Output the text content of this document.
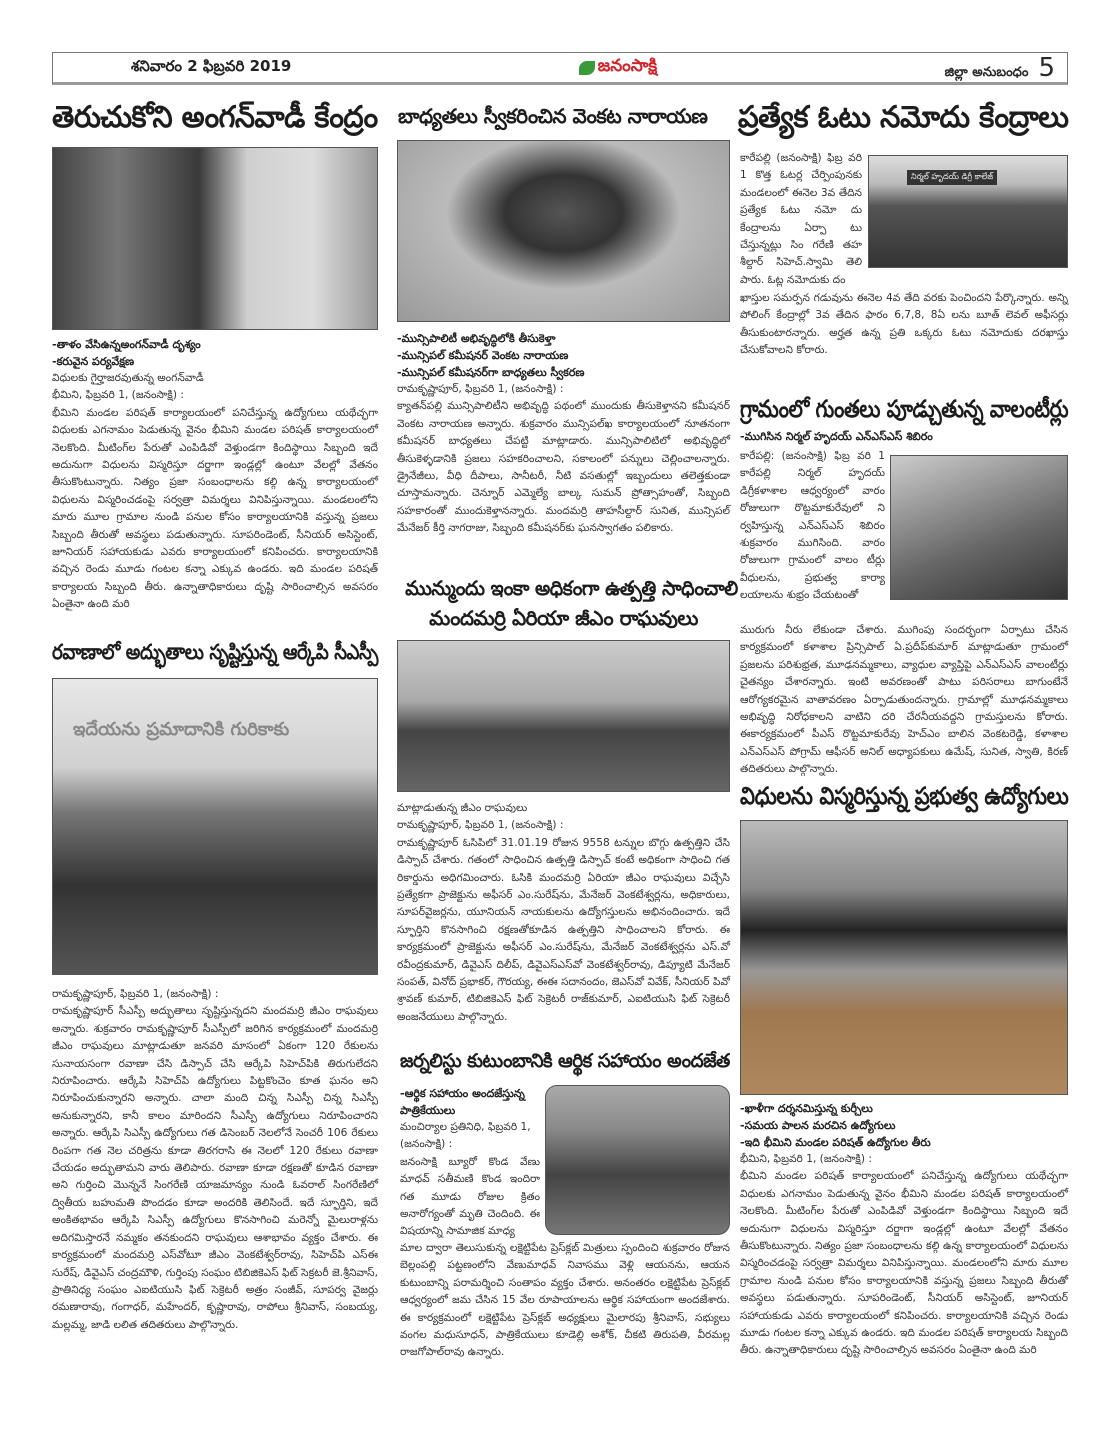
శనివారం 2 ఫిబ్రవరి 2019	జనంసాక్షి	జిల్లా అనుబంధం 5
తెరుచుకోని అంగన్‌వాడీ కేంద్రం
-తాళం వేసిఉన్నఅంగన్‌వాడీ దృశ్యం
-కరువైన పర్యవేక్షణ
విధులకు గైర్హాజరవుతున్న అంగన్‌వాడీ
భీమిని, ఫిబ్రవరి 1, (జనంసాక్షి) :
భీమిని మండల పరిషత్ కార్యాలయంలో పనిచేస్తున్న ఉద్యోగులు యథేచ్ఛగా విధులకు ఎగనామం పెడుతున్న వైనం భీమిని మండల పరిషత్ కార్యాలయంలో నెలకొంది. మీటింగ్‌ల పేరుతో ఎంపిడివో వెళ్తుండగా కిందిస్థాయి సిబ్బంది ఇదే అదునుగా విధులను విస్మరిస్తూ దర్జాగా ఇండ్లల్లో ఉంటూ వేలల్లో వేతనం తీసుకొంటున్నారు. నిత్యం ప్రజా సంబంధాలను కల్గి ఉన్న కార్యాలయంలో విధులను విస్మరించడంపై సర్వత్రా విమర్శలు వినిపిస్తున్నాయి. మండలంలోని మారు మూల గ్రామాల నుండి పనుల కోసం కార్యాలయానికి వస్తున్న ప్రజలు సిబ్బంది తీరుతో అవస్థలు పడుతున్నారు. సూపరిండెంట్, సీనియర్ అసిస్టెంట్, జూనియర్ సహాయకుడు ఎవరు కార్యాలయంలో కనిపించరు. కార్యాలయానికి వచ్చిన రెండు మూడు గంటల కన్నా ఎక్కువ ఉండరు. ఇది మండల పరిషత్ కార్యాలయ సిబ్బంది తీరు. ఉన్నాతాధికారులు దృష్టి సారించాల్సిన అవసరం ఏంతైనా ఉంది మరి
రవాణాలో అద్భుతాలు సృష్టిస్తున్న ఆర్కేపి సీఎస్పీ
ఇదేయను ప్రమాదానికి గురికాకు
రామకృష్ణాపూర్, ఫిబ్రవరి 1, (జనంసాక్షి) :
రామకృష్ణాపూర్ సీఎస్పీ అద్భుతాలు సృష్టిస్తున్నదని మందమర్రి జీఎం రాఘవులు అన్నారు. శుక్రవారం రామకృష్ణాపూర్ సీఎస్పీలో జరిగిన కార్యక్రమంలో మందమర్రి జీఎం రాఘవులు మాట్లాడుతూ జనవరి మాసంలో ఏకంగా 120 రేకులను సునాయసంగా రవాణా చేసి డిస్పాచ్ చేసి ఆర్కేపి సిహెచ్‌పికి తిరుగులేదని నిరూపించారు. ఆర్కేపి సిహెచ్‌పి ఉద్యోగులు పిట్టకొంచెం కూత ఘనం అని నిరూపించుకున్నారని అన్నారు. చాలా మంది చిన్న సిఎస్పీ చిన్న సిఎస్పీ అనుకున్నారని, కానీ కాలం మారిందని సీఎస్పీ ఉద్యోగులు నిరూపించారని అన్నారు. ఆర్కేపి సిఎస్పీ ఉద్యోగులు గత డిసెంబర్ నెలలోనే సెంచరీ 106 రేకులు రింపగా గత నెల చరిత్రను కూడా తిరగరాసి ఈ నెలలో 120 రేకులు రవాణా చేయడం అద్భుతామని వారు తెలిపారు. రవాణా కూడా రక్షణతో కూడిన రవాణా అని గుర్తించి మొన్ననే సింగరేణి యాజమాన్యం నుండి ఓవరాల్ సింగరేణిలో ద్వితీయ బహుమతి పొందడం కూడా అందరికి తెలిసిందే. ఇదే స్ఫూర్తిని, ఇదే అంకితభావం ఆర్కేపి సిఎస్పీ ఉద్యోగులు కొనసాగించి మరెన్నో మైలురాళ్లను అదిగమిస్తారనే నమ్మకం తనకుందని రాఘవులు ఆశాభావం వ్యక్తం చేశారు. ఈ కార్యక్రమంలో మందమర్రి ఎస్‌వోటూ జీఎం వెంకటేశ్వర్‌రావు, సిహెచ్‌పి ఎస్ఈ సురేష్, డివైఎస్ చంద్రమౌళి, గుర్తింపు సంఘం టిబిజికెఎస్ ఫిట్ సెక్రటరీ జె.శ్రీనివాస్, ప్రాతినిధ్య సంఘం ఎఐటియుసి ఫిట్ సెక్రెటరీ అత్రం సంజీవ్, సూపర్వ వైజర్లు రమణారావు, గంగాధర్, మహేందర్, కృష్ణారావు, రాపోలు శ్రీనివాస్, సంబయ్య, మల్లమ్మ, జాడి లలిత తదితరులు పాల్గొన్నారు.
బాధ్యతలు స్వీకరించిన వెంకట నారాయణ
-మున్సిపాలిటీ అభివృద్ధిలోకి తీసుకెళ్తా
-మున్సిపల్ కమీషనర్ వెంకట నారాయణ
-మున్సిపల్ కమీషనర్‌గా బాధ్యతలు స్వీకరణ
రామకృష్ణాపూర్, ఫిబ్రవరి 1, (జనంసాక్షి) :
క్యాతన్‌పల్లి మున్సిపాలిటీని అభివృద్ధి పథంలో ముందుకు తీసుకెళ్తానని కమీషనర్ వెంకట నారాయణ అన్నారు. శుక్రవారం మున్సిపల్‌ఖ కార్యాలయంలో నూతనంగా కమీషనర్ బాధ్యతలు చేపట్టి మాట్లాడారు. మున్సిపాలిటిలో అభివృద్ధిలో తీసుకెళ్ళడానికి ప్రజలు సహకరించాలని, సకాలంలో పన్నులు చెల్లించాలన్నారు. డ్రైనేజీలు, వీధి దీపాలు, సానీటరీ, నీటి వసతుల్లో ఇబ్బందులు తలెత్తకుండా చూస్తామన్నారు. చెన్నూర్ ఎమ్మెల్యే బాల్క సుమన్ ప్రోత్సాహంతో, సిబ్బంది సహకారంతో ముందుకెళ్తానన్నారు. మందమర్రి తాహసీల్దార్ సునిత, మున్సిపల్ మేనేజర్ కీర్తి నాగరాజు, సిబ్బంది కమీషనర్‌కు ఘనస్వాగతం పలికారు.
మున్ముందు ఇంకా అధికంగా ఉత్పత్తి సాధించాలి
మందమర్రి ఏరియా జీఎం రాఘవులు
మాట్లాడుతున్న జీఎం రాఘవులు
రామకృష్ణాపూర్, ఫిబ్రవరి 1, (జనంసాక్షి) :
రామకృష్ణాపూర్ ఓసిపిలో 31.01.19 రోజున 9558 టన్నుల బొగ్గు ఉత్పత్తిని చేసి డిస్పాచ్ చేశారు. గతంలో సాధించిన ఉత్పత్తి డిస్పాచ్ కంటే అధికంగా సాధించి గత రికార్డును అధిగమించారు. ఓసికి మందమర్రి ఏరియా జీఎం రాఘవులు విచ్చేసి ప్రత్యేకగా ప్రాజెక్టును అఫీసర్ ఎం.సురేష్‌ను, మేనేజర్ వెంకటేశ్వర్లను, అధికారులు, సూపర్‌వైజర్లను, యూనియన్ నాయకులను ఉద్యోగస్తులను అభినందించారు. ఇదే స్ఫూర్తిని కొనసాగించి రక్షణతోకూడిన ఉత్పత్తిని సాధించాలని కోరారు. ఈ కార్యక్రమంలో ప్రాజెక్టును అఫీసర్ ఎం.సురేష్‌ను, మేనేజర్ వెంకటేశ్వర్లను ఎస్.వో రవీంద్రకుమార్, డివైఎస్ దిలీప్, డివైఎస్ఎస్‌వో వెంకటేశ్వర్‌రావు, డిప్యూటి మేనేజర్ సంపత్, వినోద్ ప్రభాకర్, గౌరయ్య, ఈఈ సదానందం, జెఎస్‌వో వివేక్, సీనియర్ పివో శ్రావణ్ కుమార్, టిబిజికెఎస్ ఫిట్ సెక్రెటరీ రాజ్‌కుమార్, ఎఐటియుసి ఫిట్ సెక్రెటరీ అంజనేయులు పాల్గొన్నారు.
జర్నలిస్టు కుటుంబానికి ఆర్థిక సహాయం అందజేత
-ఆర్థిక సహాయం అందజేస్తున్న
పాత్రికేయులు
మంచిర్యాల ప్రతినిధి, ఫిబ్రవరి 1, (జనంసాక్షి) :
జనంసాక్షి బ్యూరో కొండ వేణు మాధవ్ సతీమణి కొండ ఇందిరా గత మూడు రోజుల క్రితం అనారోగ్యంతో మృతి చెందింది. ఈ విషయాన్ని సామాజిక మాధ్య
మాల ద్వారా తెలుసుకున్న లక్షెట్టిపేట ప్రెస్‌క్లబ్ మిత్రులు స్పందించి శుక్రవారం రోజున బెల్లంపల్లి పట్టణంలోని వేణుమాధవ్ నివాసము వెళ్లి ఆయనను, ఆయన కుటుంబాన్ని పరామర్శించి సంతాపం వ్యక్తం చేశారు. అనంతరం లక్షెట్టిపేట ప్రెస్‌క్లబ్ ఆధ్వర్యంలో జమ చేసిన 15 వేల రూపాయాలను ఆర్థిక సహాయంగా అందజేశారు. ఈ కార్యక్రమంలో లక్షెట్టిపేట ప్రెస్‌క్లబ్ అధ్యక్షులు మైలారపు శ్రీనివాస్, సభ్యులు వంగల మధుసూధన్, పాత్రికేయులు కూడెల్లి అశోక్, చీకటి తిరుపతి, వీరమల్ల రాజగోపాల్‌రావు ఉన్నారు.
ప్రత్యేక ఓటు నమోదు కేంద్రాలు
నిర్మల్ హృదయ్ డిగ్రీ కాలేజ్
కారేపల్లి (జనంసాక్షి) ఫిబ్ర వరి 1 కొత్త ఓటర్ల చేర్పింపునకు మండలంలో ఈనెల 3వ తేదిన ప్రత్యేక ఓటు నమో దు కేంద్రాలను ఏర్పా టు చేస్తున్నట్లు సిం గరేణి తహ శీల్దార్ సిహెచ్.స్వామి తెలి పారు. ఓట్ల నమోదుకు దం
ఖాస్తుల సమర్పన గడువును ఈనెల 4వ తేది వరకు పెంచిందని పేర్కొన్నారు. అన్ని పోలింగ్ కేంద్రాల్లో 3వ తేదిన ఫారం 6,7,8, 8ఏ లను బూత్ లెవల్ అఫీసర్లు తీసుకుంటారన్నారు. అర్హత ఉన్న ప్రతి ఒక్కరు ఓటు నమోదుకు దరఖాస్తు చేసుకోవాలని కోరారు.
గ్రామంలో గుంతలు పూడ్చుతున్న వాలంటీర్లు
-ముగిసిన నిర్మల్ హృదయ్ ఎన్ఎస్ఎస్ శిబిరం
కారేపల్లి: (జనంసాక్షి) ఫిబ్ర వరి 1 కారేపల్లి నిర్మల్ హృదయ్ డిగ్రీకళాశాల ఆధ్వర్యంలో వారం రోజులుగా రొట్టమాకురేవులో ని ర్వహిస్తున్న ఎన్ఎస్ఎస్ శిబిరం శుక్రవారం ముగిసింది. వారం రోజులుగా గ్రామంలో వాలం టీర్లు వీధులను, ప్రభుత్వ కార్యా లయాలను శుభ్రం చేయటంతో
మురుగు నీరు లేకుండా చేశారు. ముగింపు సందర్భంగా ఏర్పాటు చేసిన కార్యక్రమంలో కళాశాల ప్రిన్సిపాల్ ఏ.ప్రదీప్‌కుమార్ మాట్లాడుతూ గ్రామంలో ప్రజలను పరిశుభ్రత, మూఢనమ్మకాలు, వ్యాధుల వ్యాప్తిపై ఎన్ఎస్ఎస్ వాలంటీర్లు చైతన్యం చేశారన్నారు. ఇంటి అవరణంతో పాటు పరిసరాలు బాగుంటేనే ఆరోగ్యకరమైన వాతావరణం ఏర్పాడుతుందన్నారు. గ్రామాల్లో మూఢనమ్మకాలు అభివృద్ధి నిరోధకాలని వాటిని దరి చేరనీయవద్దని గ్రామస్తులను కోరారు. ఈకార్యక్రమంలో పీఎస్ రొట్టమాకురేవు హెచ్ఎం బాలిన వెంకటరెడ్డి, కళాశాల ఎన్ఎస్ఎస్ పోగ్రామ్ ఆఫీసర్ అనిల్ అధ్యాపకులు ఉమేష్, సునిత, స్వాతి, కిరణ్ తదితరులు పాల్గొన్నారు.
విధులను విస్మరిస్తున్న ప్రభుత్వ ఉద్యోగులు
-ఖాళీగా దర్శనమిస్తున్న కుర్చీలు
-సమయ పాలన మరచిన ఉద్యోగులు
-ఇది భీమిని మండల పరిషత్ ఉద్యోగుల తీరు
భీమిని, ఫిబ్రవరి 1, (జనంసాక్షి) :
భీమిని మండల పరిషత్ కార్యాలయంలో పనిచేస్తున్న ఉద్యోగులు యథేచ్ఛగా విధులకు ఎగనామం పెడుతున్న వైనం భీమిని మండల పరిషత్ కార్యాలయంలో నెలకొంది. మీటింగ్‌ల పేరుతో ఎంపిడివో వెళ్తుండగా కిందిస్థాయి సిబ్బంది ఇదే అదునుగా విధులను విస్మరిస్తూ దర్జాగా ఇండ్లల్లో ఉంటూ వేలల్లో వేతనం తీసుకొంటున్నారు. నిత్యం ప్రజా సంబంధాలను కల్గి ఉన్న కార్యాలయంలో విధులను విస్మరించడంపై సర్వత్రా విమర్శలు వినిపిస్తున్నాయి. మండలంలోని మారు మూల గ్రామాల నుండి పనుల కోసం కార్యాలయానికి వస్తున్న ప్రజలు సిబ్బంది తీరుతో అవస్థలు పడుతున్నారు. సూపరిండెంట్, సీనియర్ అసిస్టెంట్, జూనియర్ సహాయకుడు ఎవరు కార్యాలయంలో కనిపించరు. కార్యాలయానికి వచ్చిన రెండు మూడు గంటల కన్నా ఎక్కువ ఉండరు. ఇది మండల పరిషత్ కార్యాలయ సిబ్బంది తీరు. ఉన్నాతాధికారులు దృష్టి సారించాల్సిన అవసరం ఏంతైనా ఉంది మరి
